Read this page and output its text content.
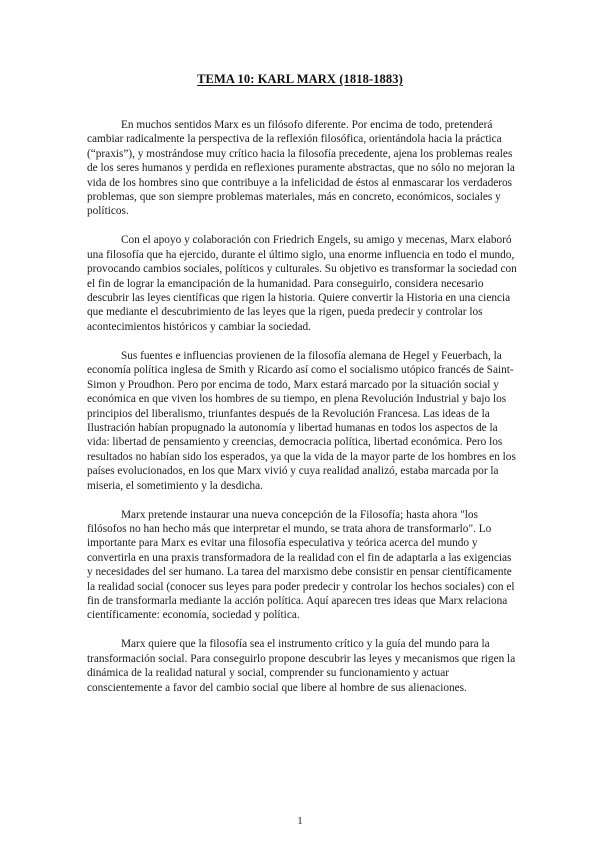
TEMA 10: KARL MARX (1818-1883)

En muchos sentidos Marx es un filósofo diferente. Por encima de todo, pretenderá cambiar radicalmente la perspectiva de la reflexión filosófica, orientándola hacia la práctica (“praxis”), y mostrándose muy crítico hacia la filosofía precedente, ajena los problemas reales de los seres humanos y perdida en reflexiones puramente abstractas, que no sólo no mejoran la vida de los hombres sino que contribuye a la infelicidad de éstos al enmascarar los verdaderos problemas, que son siempre problemas materiales, más en concreto, económicos, sociales y políticos.

Con el apoyo y colaboración con Friedrich Engels, su amigo y mecenas, Marx elaboró una filosofía que ha ejercido, durante el último siglo, una enorme influencia en todo el mundo, provocando cambios sociales, políticos y culturales. Su objetivo es transformar la sociedad con el fin de lograr la emancipación de la humanidad. Para conseguirlo, considera necesario descubrir las leyes científicas que rigen la historia. Quiere convertir la Historia en una ciencia que mediante el descubrimiento de las leyes que la rigen, pueda predecir y controlar los acontecimientos históricos y cambiar la sociedad.

Sus fuentes e influencias provienen de la filosofía alemana de Hegel y Feuerbach, la economía política inglesa de Smith y Ricardo así como el socialismo utópico francés de Saint-Simon y Proudhon. Pero por encima de todo, Marx estará marcado por la situación social y económica en que viven los hombres de su tiempo, en plena Revolución Industrial y bajo los principios del liberalismo, triunfantes después de la Revolución Francesa. Las ideas de la Ilustración habían propugnado la autonomía y libertad humanas en todos los aspectos de la vida: libertad de pensamiento y creencias, democracia política, libertad económica. Pero los resultados no habían sido los esperados, ya que la vida de la mayor parte de los hombres en los países evolucionados, en los que Marx vivió y cuya realidad analizó, estaba marcada por la miseria, el sometimiento y la desdicha.

Marx pretende instaurar una nueva concepción de la Filosofía; hasta ahora "los filósofos no han hecho más que interpretar el mundo, se trata ahora de transformarlo". Lo importante para Marx es evitar una filosofía especulativa y teórica acerca del mundo y convertirla en una praxis transformadora de la realidad con el fin de adaptarla a las exigencias y necesidades del ser humano. La tarea del marxismo debe consistir en pensar científicamente la realidad social (conocer sus leyes para poder predecir y controlar los hechos sociales) con el fin de transformarla mediante la acción política. Aquí aparecen tres ideas que Marx relaciona científicamente: economía, sociedad y política.

Marx quiere que la filosofía sea el instrumento crítico y la guía del mundo para la transformación social. Para conseguirlo propone descubrir las leyes y mecanismos que rigen la dinámica de la realidad natural y social, comprender su funcionamiento y actuar conscientemente a favor del cambio social que libere al hombre de sus alienaciones.

1
